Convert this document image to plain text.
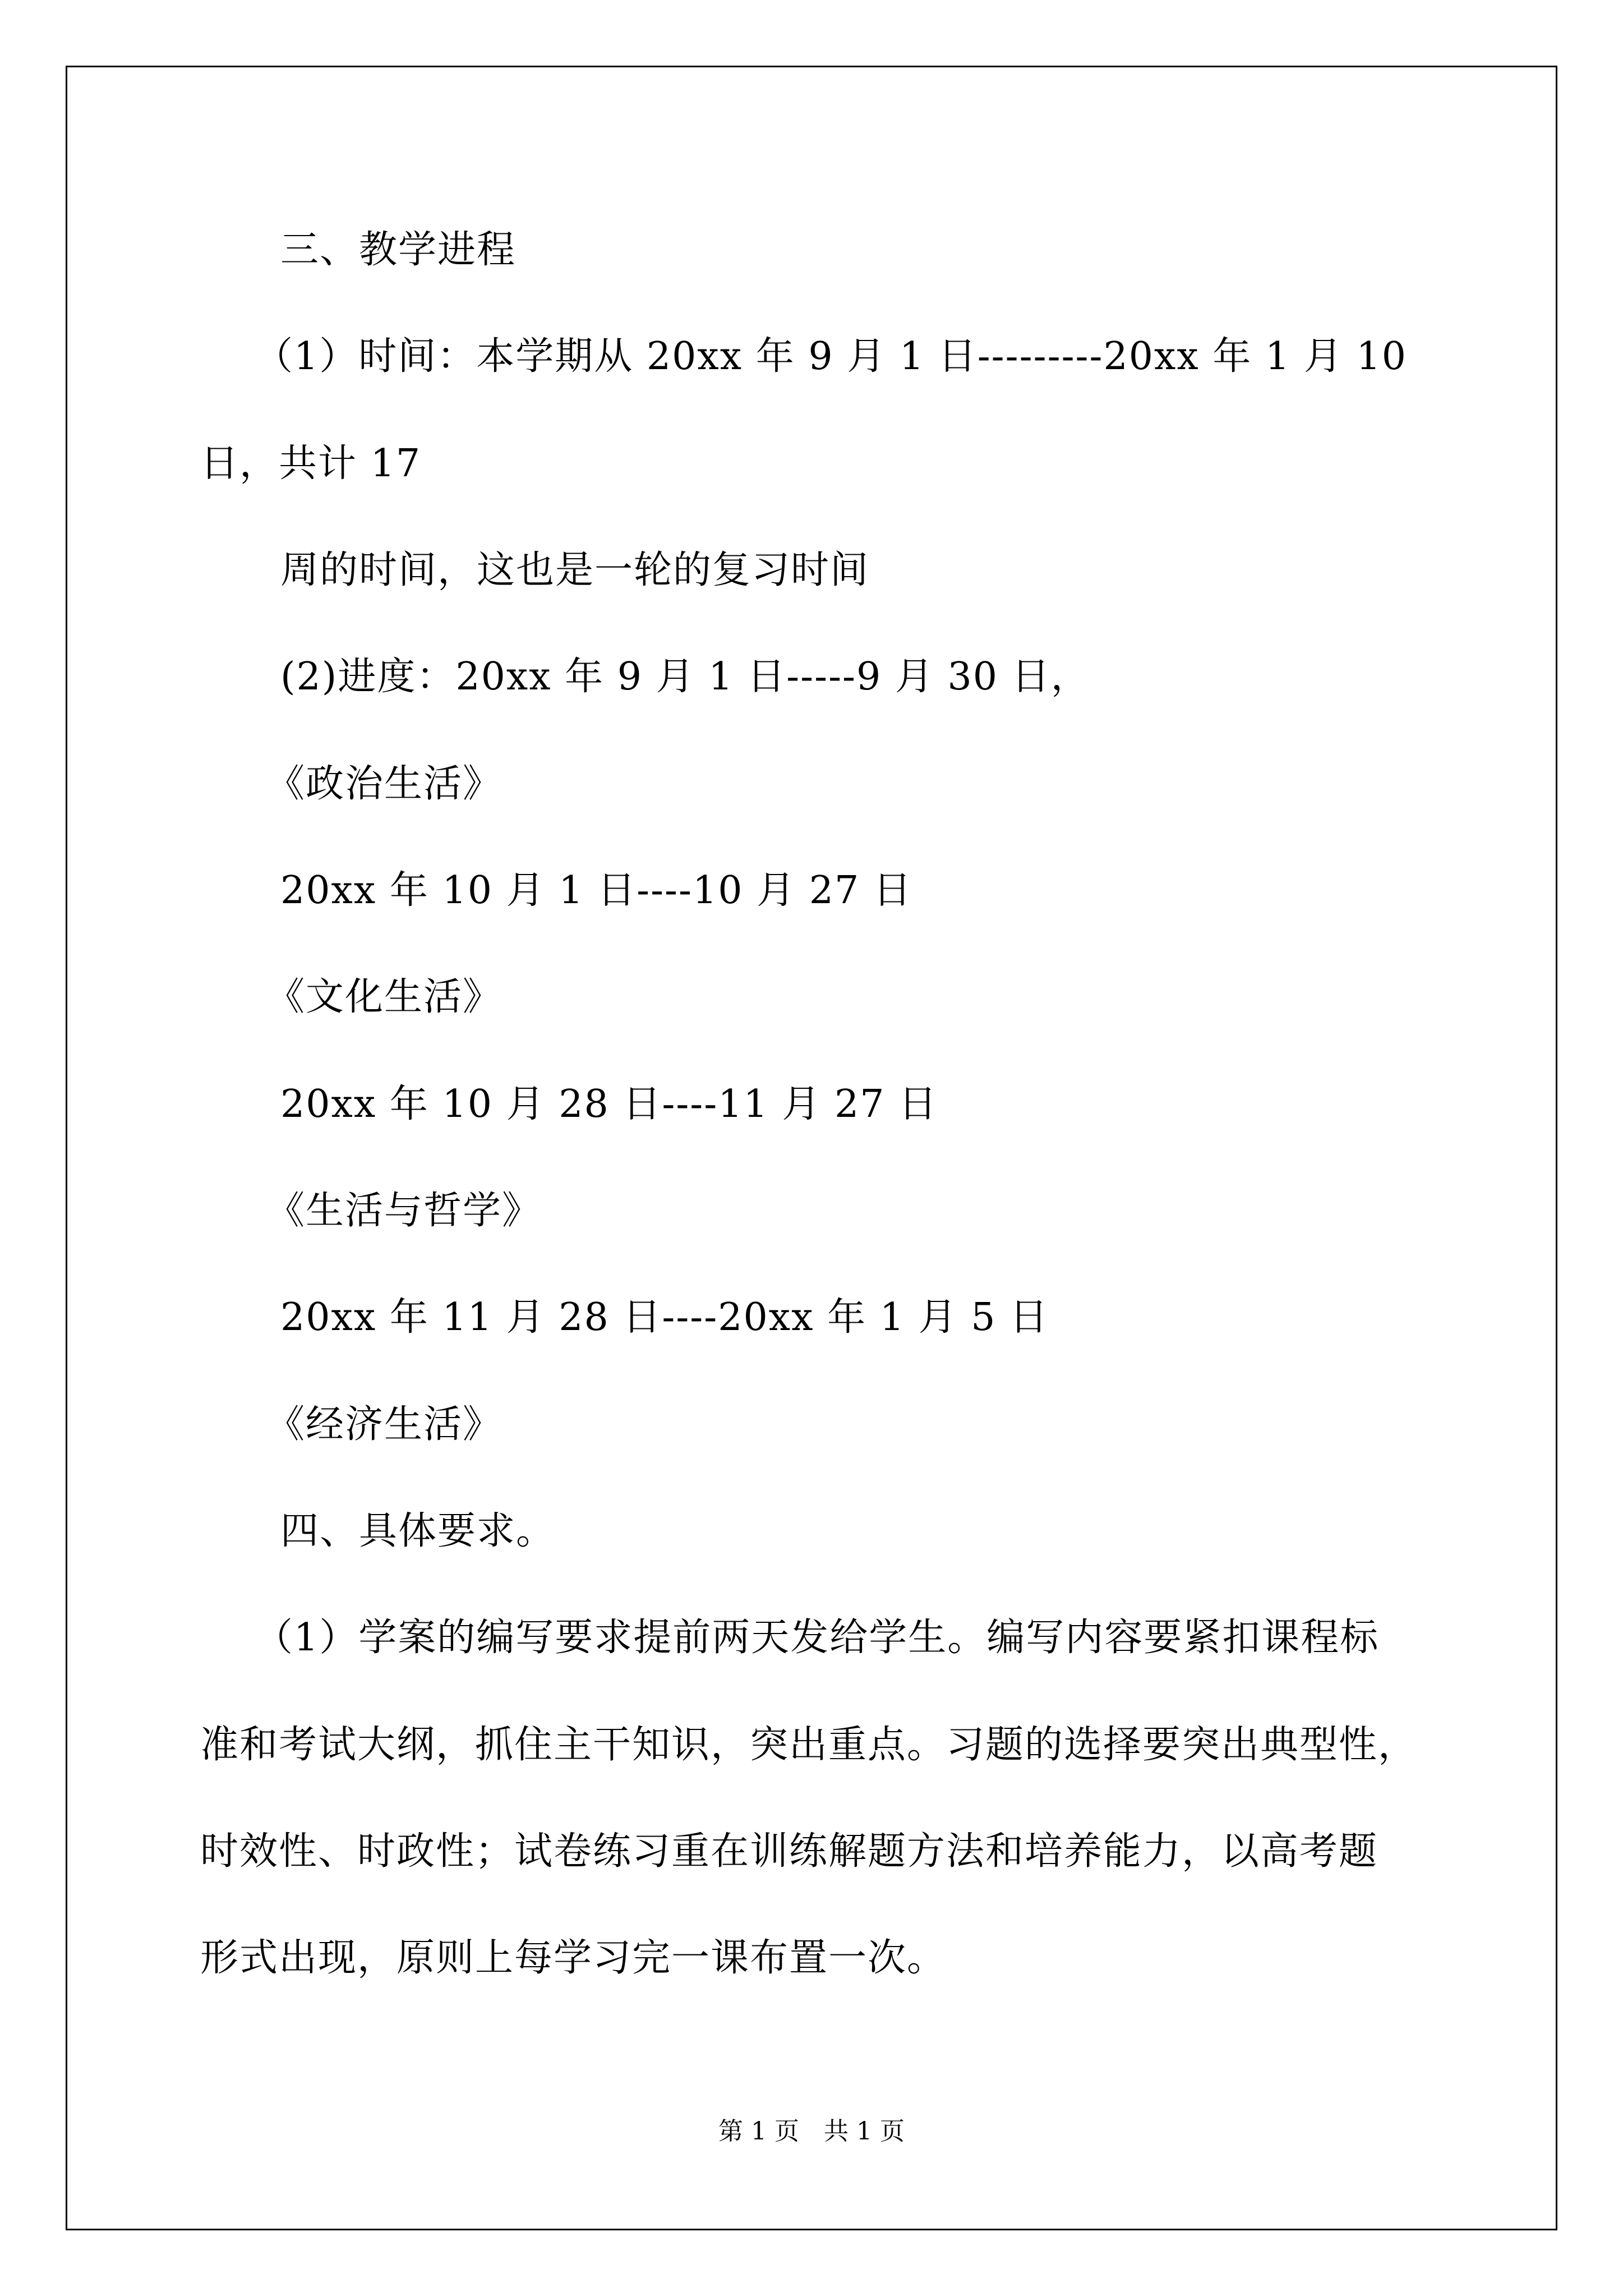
三、教学进程
（1）时间：本学期从 20xx 年 9 月 1 日---------20xx 年 1 月 10
日，共计 17
周的时间，这也是一轮的复习时间
(2)进度：20xx 年 9 月 1 日-----9 月 30 日，
《政治生活》
20xx 年 10 月 1 日----10 月 27 日
《文化生活》
20xx 年 10 月 28 日----11 月 27 日
《生活与哲学》
20xx 年 11 月 28 日----20xx 年 1 月 5 日
《经济生活》
四、具体要求。
（1）学案的编写要求提前两天发给学生。编写内容要紧扣课程标
准和考试大纲，抓住主干知识，突出重点。习题的选择要突出典型性，
时效性、时政性；试卷练习重在训练解题方法和培养能力，以高考题
形式出现，原则上每学习完一课布置一次。
第 1 页　共 1 页
